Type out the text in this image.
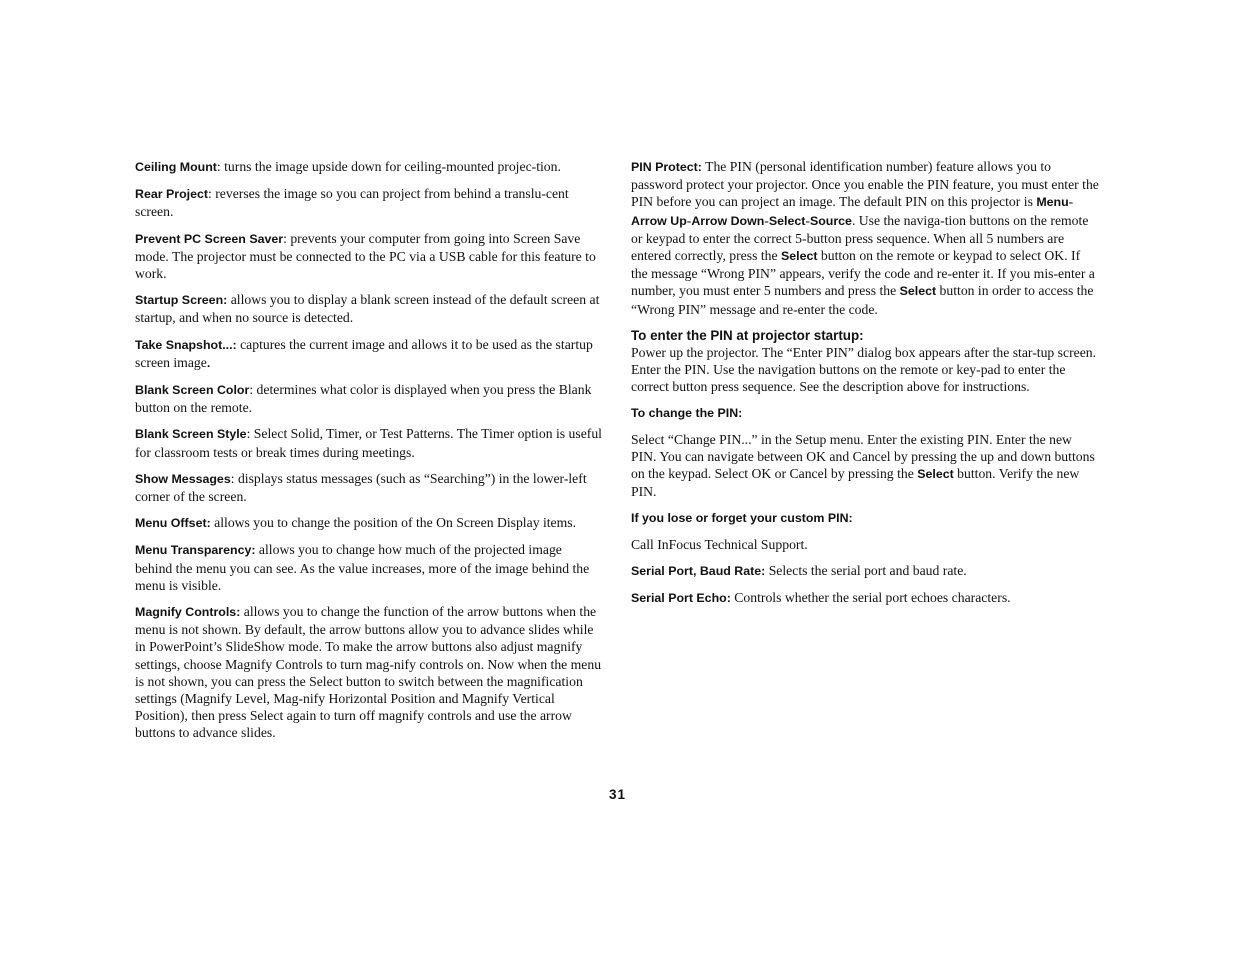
Ceiling Mount: turns the image upside down for ceiling-mounted projec-tion.

Rear Project: reverses the image so you can project from behind a translu-cent screen.

Prevent PC Screen Saver: prevents your computer from going into Screen Save mode. The projector must be connected to the PC via a USB cable for this feature to work.

Startup Screen: allows you to display a blank screen instead of the default screen at startup, and when no source is detected.

Take Snapshot...: captures the current image and allows it to be used as the startup screen image.

Blank Screen Color: determines what color is displayed when you press the Blank button on the remote.

Blank Screen Style: Select Solid, Timer, or Test Patterns. The Timer option is useful for classroom tests or break times during meetings.

Show Messages: displays status messages (such as “Searching”) in the lower-left corner of the screen.

Menu Offset: allows you to change the position of the On Screen Display items.

Menu Transparency: allows you to change how much of the projected image behind the menu you can see. As the value increases, more of the image behind the menu is visible.

Magnify Controls: allows you to change the function of the arrow buttons when the menu is not shown. By default, the arrow buttons allow you to advance slides while in PowerPoint’s SlideShow mode. To make the arrow buttons also adjust magnify settings, choose Magnify Controls to turn mag-nify controls on. Now when the menu is not shown, you can press the Select button to switch between the magnification settings (Magnify Level, Mag-nify Horizontal Position and Magnify Vertical Position), then press Select again to turn off magnify controls and use the arrow buttons to advance slides.

PIN Protect: The PIN (personal identification number) feature allows you to password protect your projector. Once you enable the PIN feature, you must enter the PIN before you can project an image. The default PIN on this projector is Menu-Arrow Up-Arrow Down-Select-Source. Use the naviga-tion buttons on the remote or keypad to enter the correct 5-button press sequence. When all 5 numbers are entered correctly, press the Select button on the remote or keypad to select OK. If the message “Wrong PIN” appears, verify the code and re-enter it. If you mis-enter a number, you must enter 5 numbers and press the Select button in order to access the “Wrong PIN” message and re-enter the code.

To enter the PIN at projector startup:

Power up the projector. The “Enter PIN” dialog box appears after the star-tup screen. Enter the PIN. Use the navigation buttons on the remote or key-pad to enter the correct button press sequence. See the description above for instructions.

To change the PIN:

Select “Change PIN...” in the Setup menu. Enter the existing PIN. Enter the new PIN. You can navigate between OK and Cancel by pressing the up and down buttons on the keypad. Select OK or Cancel by pressing the Select button. Verify the new PIN.

If you lose or forget your custom PIN:

Call InFocus Technical Support.

Serial Port, Baud Rate: Selects the serial port and baud rate.

Serial Port Echo: Controls whether the serial port echoes characters.

31
